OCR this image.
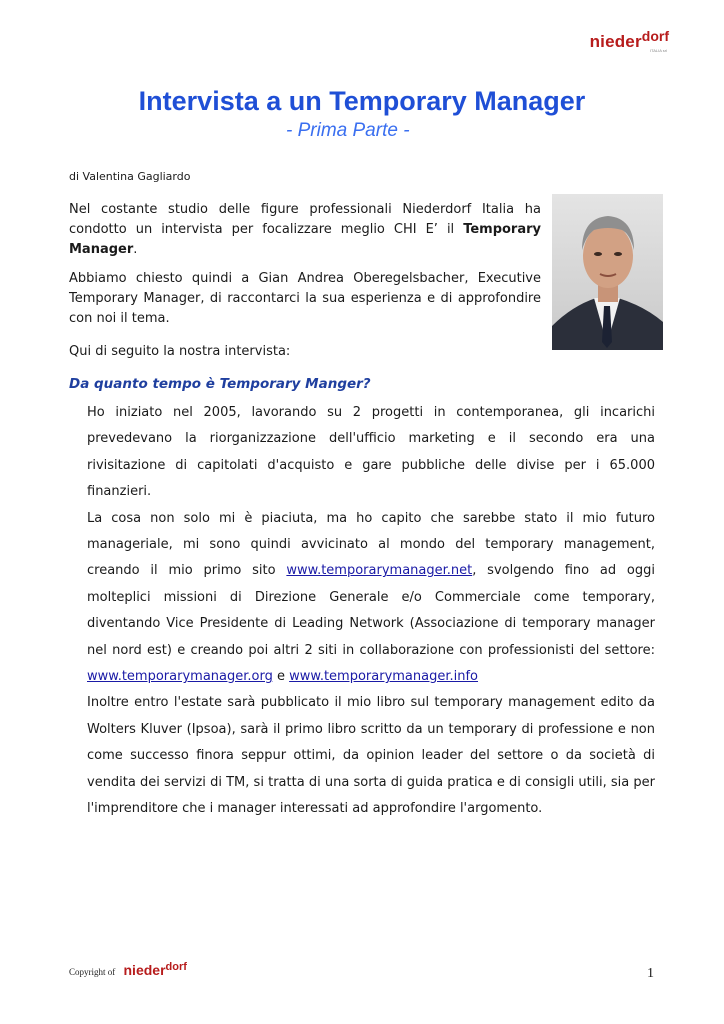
niederdorf
ITALIA srl
Intervista a un Temporary Manager
- Prima Parte -
di Valentina Gagliardo
Nel costante studio delle figure professionali Niederdorf Italia ha condotto un intervista per focalizzare meglio CHI E’ il Temporary Manager.
Abbiamo chiesto quindi a Gian Andrea Oberegelsbacher, Executive Temporary Manager, di raccontarci la sua esperienza e di approfondire con noi il tema.
Qui di seguito la nostra intervista:
Da quanto tempo è Temporary Manger?

Ho iniziato nel 2005, lavorando su 2 progetti in contemporanea, gli incarichi prevedevano la riorganizzazione dell'ufficio marketing e il secondo era una rivisitazione di capitolati d'acquisto e gare pubbliche delle divise per i 65.000 finanzieri.

La cosa non solo mi è piaciuta, ma ho capito che sarebbe stato il mio futuro manageriale, mi sono quindi avvicinato al mondo del temporary management, creando il mio primo sito www.temporarymanager.net, svolgendo fino ad oggi molteplici missioni di Direzione Generale e/o Commerciale come temporary, diventando Vice Presidente di Leading Network (Associazione di temporary manager nel nord est) e creando poi altri 2 siti in collaborazione con professionisti del settore:

www.temporarymanager.org e www.temporarymanager.info

Inoltre entro l'estate sarà pubblicato il mio libro sul temporary management edito da Wolters Kluver (Ipsoa), sarà il primo libro scritto da un temporary di professione e non come successo finora seppur ottimi, da opinion leader del settore o da società di vendita dei servizi di TM, si tratta di una sorta di guida pratica e di consigli utili, sia per l'imprenditore che i manager interessati ad approfondire l'argomento.

Copyright of nieder$^{dorf}$	1
